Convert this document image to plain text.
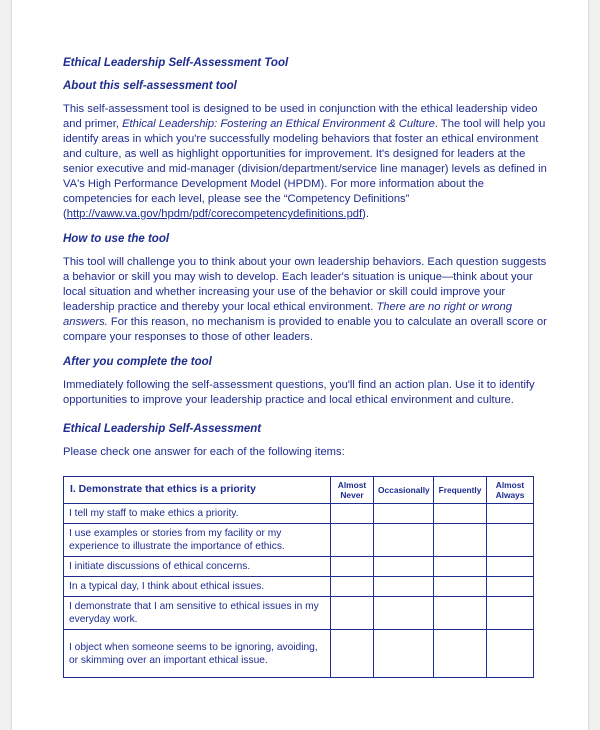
Ethical Leadership Self-Assessment Tool
About this self-assessment tool

This self-assessment tool is designed to be used in conjunction with the ethical leadership video and primer, Ethical Leadership: Fostering an Ethical Environment & Culture. The tool will help you identify areas in which you're successfully modeling behaviors that foster an ethical environment and culture, as well as highlight opportunities for improvement. It's designed for leaders at the senior executive and mid-manager (division/department/service line manager) levels as defined in VA's High Performance Development Model (HPDM). For more information about the competencies for each level, please see the “Competency Definitions” (http://vaww.va.gov/hpdm/pdf/corecompetencydefinitions.pdf).

How to use the tool

This tool will challenge you to think about your own leadership behaviors. Each question suggests a behavior or skill you may wish to develop. Each leader's situation is unique—think about your local situation and whether increasing your use of the behavior or skill could improve your leadership practice and thereby your local ethical environment. There are no right or wrong answers. For this reason, no mechanism is provided to enable you to calculate an overall score or compare your responses to those of other leaders.

After you complete the tool

Immediately following the self-assessment questions, you'll find an action plan. Use it to identify opportunities to improve your leadership practice and local ethical environment and culture.

Ethical Leadership Self-Assessment

Please check one answer for each of the following items:

I. Demonstrate that ethics is a priority	Almost Never	Occasionally	Frequently	Almost Always
I tell my staff to make ethics a priority.				
I use examples or stories from my facility or my experience to illustrate the importance of ethics.				
I initiate discussions of ethical concerns.				
In a typical day, I think about ethical issues.				
I demonstrate that I am sensitive to ethical issues in my everyday work.				
I object when someone seems to be ignoring, avoiding, or skimming over an important ethical issue.				
